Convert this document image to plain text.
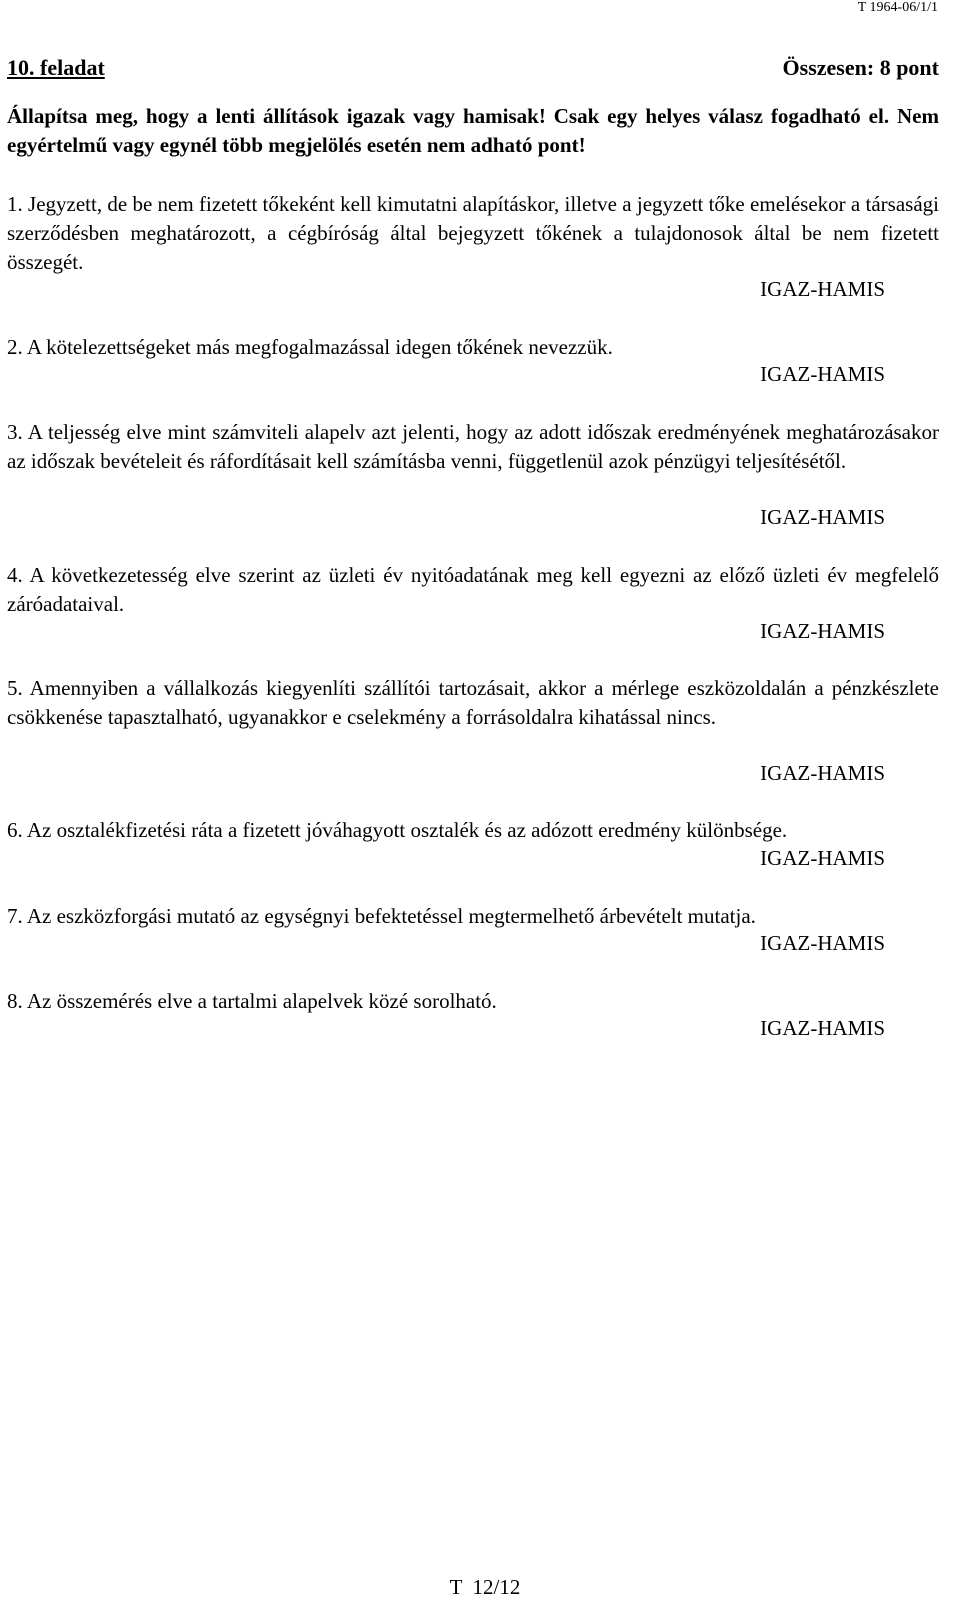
T 1964-06/1/1
10. feladat	Összesen: 8 pont
Állapítsa meg, hogy a lenti állítások igazak vagy hamisak! Csak egy helyes válasz fogadható el. Nem egyértelmű vagy egynél több megjelölés esetén nem adható pont!
1. Jegyzett, de be nem fizetett tőkeként kell kimutatni alapításkor, illetve a jegyzett tőke emelésekor a társasági szerződésben meghatározott, a cégbíróság által bejegyzett tőkének a tulajdonosok által be nem fizetett összegét.
IGAZ-HAMIS
2. A kötelezettségeket más megfogalmazással idegen tőkének nevezzük.
IGAZ-HAMIS
3. A teljesség elve mint számviteli alapelv azt jelenti, hogy az adott időszak eredményének meghatározásakor az időszak bevételeit és ráfordításait kell számításba venni, függetlenül azok pénzügyi teljesítésétől.
IGAZ-HAMIS
4. A következetesség elve szerint az üzleti év nyitóadatának meg kell egyezni az előző üzleti év megfelelő záróadataival.
IGAZ-HAMIS
5. Amennyiben a vállalkozás kiegyenlíti szállítói tartozásait, akkor a mérlege eszközoldalán a pénzkészlete csökkenése tapasztalható, ugyanakkor e cselekmény a forrásoldalra kihatással nincs.
IGAZ-HAMIS
6. Az osztalékfizetési ráta a fizetett jóváhagyott osztalék és az adózott eredmény különbsége.
IGAZ-HAMIS
7. Az eszközforgási mutató az egységnyi befektetéssel megtermelhető árbevételt mutatja.
IGAZ-HAMIS
8. Az összemérés elve a tartalmi alapelvek közé sorolható.
IGAZ-HAMIS
T 12/12
